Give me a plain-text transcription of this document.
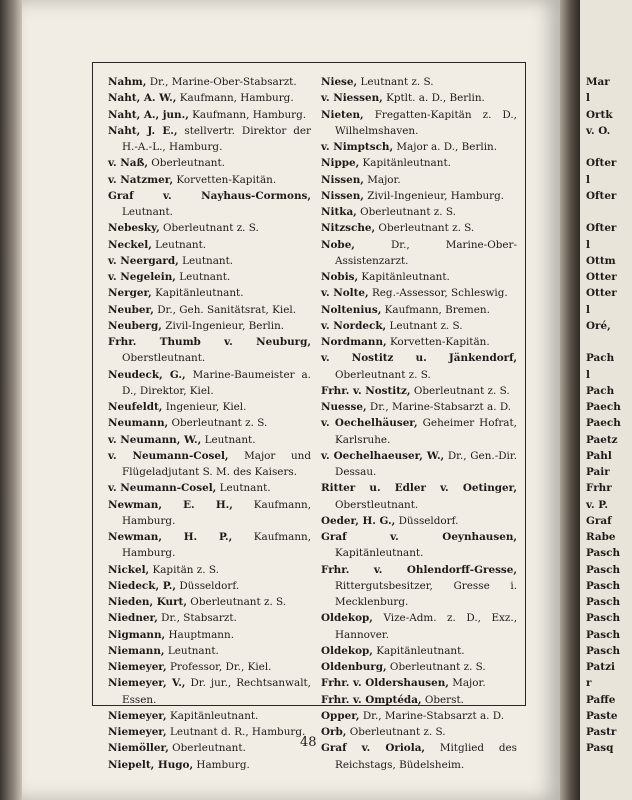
Mar

l

Ortk

v. O.

Ofter

l

Ofter

Ofter

l

Ottm

Otter

Otter

l

Oré,

Pach

l

Pach

Paech

Paech

Paetz

Pahl

Pair

Frhr

v. P.

Graf

Rabe

Pasch

Pasch

Pasch

Pasch

Pasch

Pasch

Pasch

Patzi

r

Paffe

Paste

Pastr

Pasq

Nahm, Dr., Marine-Ober-Stabsarzt.

Naht, A. W., Kaufmann, Hamburg.

Naht, A., jun., Kaufmann, Hamburg.

Naht, J. E., stellvertr. Direktor der H.-A.-L., Hamburg.

v. Naß, Oberleutnant.

v. Natzmer, Korvetten-Kapitän.

Graf v. Nayhaus-Cormons, Leutnant.

Nebesky, Oberleutnant z. S.

Neckel, Leutnant.

v. Neergard, Leutnant.

v. Negelein, Leutnant.

Nerger, Kapitänleutnant.

Neuber, Dr., Geh. Sanitätsrat, Kiel.

Neuberg, Zivil-Ingenieur, Berlin.

Frhr. Thumb v. Neuburg, Oberstleutnant.

Neudeck, G., Marine-Baumeister a. D., Direktor, Kiel.

Neufeldt, Ingenieur, Kiel.

Neumann, Oberleutnant z. S.

v. Neumann, W., Leutnant.

v. Neumann-Cosel, Major und Flügeladjutant S. M. des Kaisers.

v. Neumann-Cosel, Leutnant.

Newman, E. H., Kaufmann, Hamburg.

Newman, H. P., Kaufmann, Hamburg.

Nickel, Kapitän z. S.

Niedeck, P., Düsseldorf.

Nieden, Kurt, Oberleutnant z. S.

Niedner, Dr., Stabsarzt.

Nigmann, Hauptmann.

Niemann, Leutnant.

Niemeyer, Professor, Dr., Kiel.

Niemeyer, V., Dr. jur., Rechtsanwalt, Essen.

Niemeyer, Kapitänleutnant.

Niemeyer, Leutnant d. R., Hamburg.

Niemöller, Oberleutnant.

Niepelt, Hugo, Hamburg.

Niese, Leutnant z. S.

v. Niessen, Kptlt. a. D., Berlin.

Nieten, Fregatten-Kapitän z. D., Wilhelmshaven.

v. Nimptsch, Major a. D., Berlin.

Nippe, Kapitänleutnant.

Nissen, Major.

Nissen, Zivil-Ingenieur, Hamburg.

Nitka, Oberleutnant z. S.

Nitzsche, Oberleutnant z. S.

Nobe,	Dr., Marine-Ober-Assistenzarzt.

Nobis, Kapitänleutnant.

v. Nolte, Reg.-Assessor, Schleswig.

Noltenius, Kaufmann, Bremen.

v. Nordeck, Leutnant z. S.

Nordmann, Korvetten-Kapitän.

v. Nostitz u. Jänkendorf, Oberleutnant z. S.

Frhr. v. Nostitz, Oberleutnant z. S.

Nuesse, Dr., Marine-Stabsarzt a. D.

v. Oechelhäuser, Geheimer Hofrat, Karlsruhe.

v. Oechelhaeuser, W., Dr., Gen.-Dir. Dessau.

Ritter u. Edler v. Oetinger, Oberstleutnant.

Oeder, H. G., Düsseldorf.

Graf v. Oeynhausen, Kapitänleutnant.

Frhr. v. Ohlendorff-Gresse, Rittergutsbesitzer, Gresse i. Mecklenburg.

Oldekop, Vize-Adm. z. D., Exz., Hannover.

Oldekop, Kapitänleutnant.

Oldenburg, Oberleutnant z. S.

Frhr. v. Oldershausen, Major.

Frhr. v. Omptéda, Oberst.

Opper, Dr., Marine-Stabsarzt a. D.

Orb, Oberleutnant z. S.

Graf v. Oriola, Mitglied des Reichstags, Büdelsheim.

48
